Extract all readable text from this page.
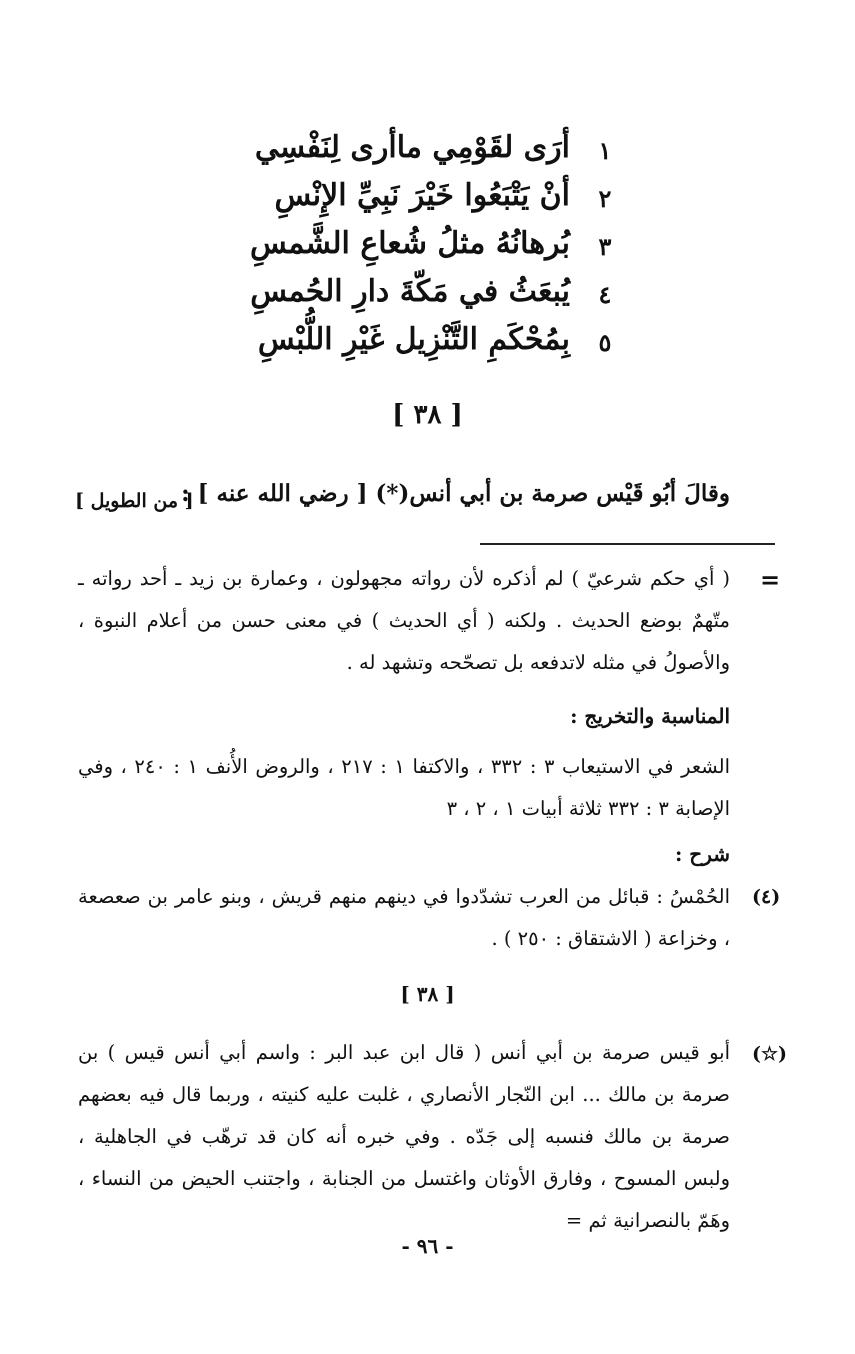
١
أرَى لقَوْمِي ماأرى لِنَفْسِي
٢
أنْ يَتْبَعُوا خَيْرَ نَبِيِّ الإِنْسِ
٣
بُرهانُهُ مثلُ شُعاعِ الشَّمسِ
٤
يُبعَثُ في مَكّةَ دارِ الحُمسِ
٥
بِمُحْكَمِ التَّنْزِيل غَيْرِ اللُّبْسِ
[ ٣٨ ]
وقالَ أبُو قَيْس صرمة بن أبي أنس(*) [ رضي الله عنه ] :
[ من الطويل ]
=
( أي حكم شرعيّ ) لم أذكره لأن رواته مجهولون ، وعمارة بن زيد ـ أحد رواته ـ متّهمٌ بوضع الحديث . ولكنه ( أي الحديث ) في معنى حسن من أعلام النبوة ، والأصولُ في مثله لاتدفعه بل تصحّحه وتشهد له .
المناسبة والتخريج :
الشعر في الاستيعاب ٣ : ٣٣٢ ، والاكتفا ١ : ٢١٧ ، والروض الأُنف ١ : ٢٤٠ ، وفي الإصابة ٣ : ٣٣٢ ثلاثة أبيات ١ ، ٢ ، ٣
شرح :
(٤)
الحُمْسُ : قبائل من العرب تشدّدوا في دينهم منهم قريش ، وبنو عامر بن صعصعة ، وخزاعة ( الاشتقاق : ٢٥٠ ) .
[ ٣٨ ]
(☆)
أبو قيس صرمة بن أبي أنس ( قال ابن عبد البر : واسم أبي أنس قيس ) بن صرمة بن مالك ... ابن النّجار الأنصاري ، غلبت عليه كنيته ، وربما قال فيه بعضهم صرمة بن مالك فنسبه إلى جَدّه . وفي خبره أنه كان قد ترهّب في الجاهلية ، ولبس المسوح ، وفارق الأوثان واغتسل من الجنابة ، واجتنب الحيض من النساء ، وهَمّ بالنصرانية ثم =
- ٩٦ -
